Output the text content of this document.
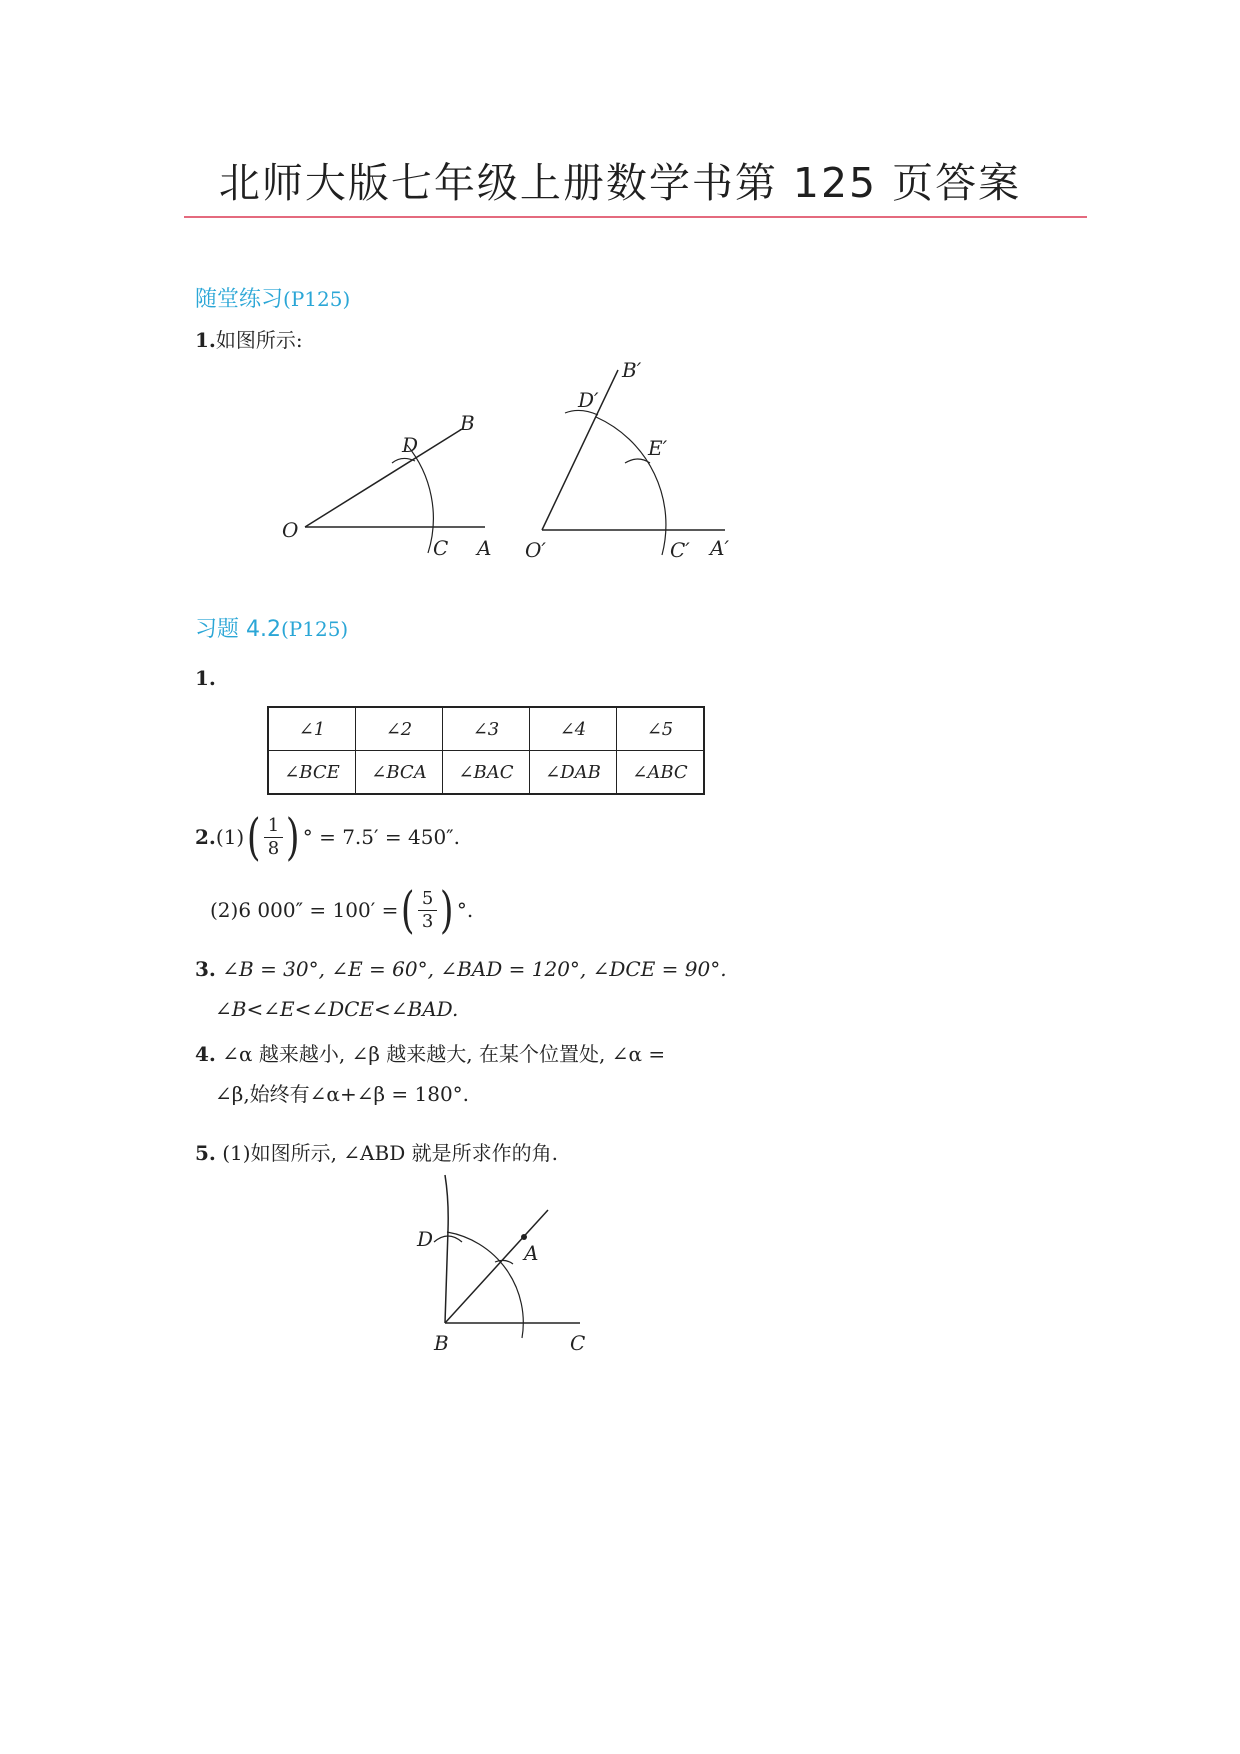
北师大版七年级上册数学书第 125 页答案
随堂练习(P125)
1.如图所示:
O
D
B
C A O′
D′
B′
E′
C′ A′
习题 4.2(P125)
1.
∠1	∠2	∠3	∠4	∠5
∠BCE	∠BCA	∠BAC	∠DAB	∠ABC
2. (1) ( $\frac{1}{8}$ ) ° = 7.5′ = 450″.
(2)6 000″ = 100′ = ( $\frac{5}{3}$ ) °.
3. ∠B = 30°, ∠E = 60°, ∠BAD = 120°, ∠DCE = 90°.
∠B<∠E<∠DCE<∠BAD.
4. ∠α 越来越小, ∠β 越来越大, 在某个位置处, ∠α =
∠β,始终有∠α+∠β = 180°.
5. (1)如图所示, ∠ABD 就是所求作的角.
D
A
B	C
